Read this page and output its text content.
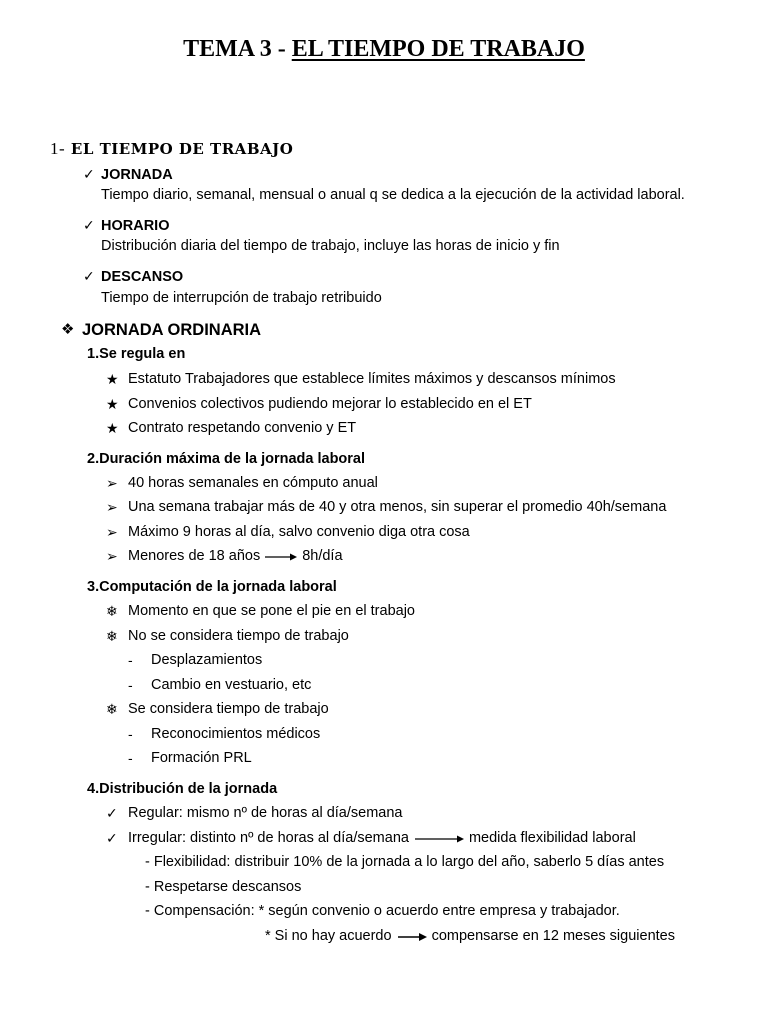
TEMA 3 - EL TIEMPO DE TRABAJO
1- EL TIEMPO DE TRABAJO
✓ JORNADA
Tiempo diario, semanal, mensual o anual q se dedica a la ejecución de la actividad laboral.
✓ HORARIO
Distribución diaria del tiempo de trabajo, incluye las horas de inicio y fin
✓ DESCANSO
Tiempo de interrupción de trabajo retribuido
❖ JORNADA ORDINARIA
1.Se regula en
★ Estatuto Trabajadores que establece límites máximos y descansos mínimos
★ Convenios colectivos pudiendo mejorar lo establecido en el ET
★ Contrato respetando convenio y ET
2.Duración máxima de la jornada laboral
➢ 40 horas semanales en cómputo anual
➢ Una semana trabajar más de 40 y otra menos, sin superar el promedio 40h/semana
➢ Máximo 9 horas al día, salvo convenio diga otra cosa
➢ Menores de 18 años	8h/día
3.Computación de la jornada laboral
❄ Momento en que se pone el pie en el trabajo
❄ No se considera tiempo de trabajo
- Desplazamientos
- Cambio en vestuario, etc
❄ Se considera tiempo de trabajo
- Reconocimientos médicos
- Formación PRL
4.Distribución de la jornada
✓ Regular: mismo nº de horas al día/semana
✓ Irregular: distinto nº de horas al día/semana	medida flexibilidad laboral
- Flexibilidad: distribuir 10% de la jornada a lo largo del año, saberlo 5 días antes
- Respetarse descansos
- Compensación: * según convenio o acuerdo entre empresa y trabajador.
* Si no hay acuerdo	compensarse en 12 meses siguientes
